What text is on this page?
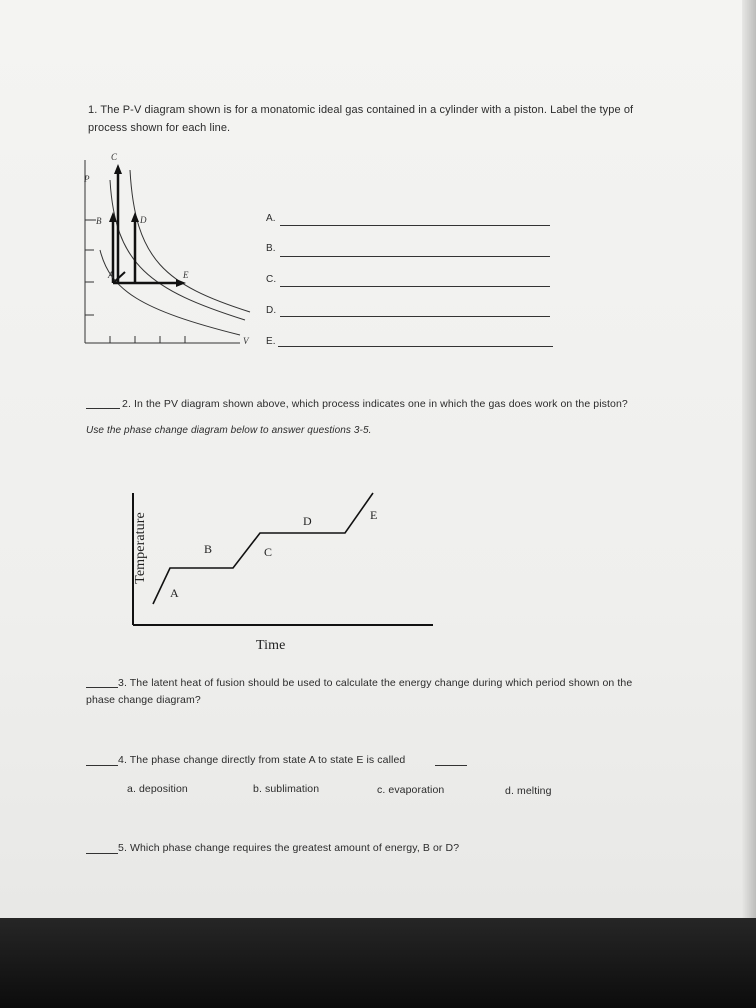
1. The P-V diagram shown is for a monatomic ideal gas contained in a cylinder with a piston. Label the type of
process shown for each line.
P
V
C
B	D
A	E
A.
B.
C.
D.
E.
2. In the PV diagram shown above, which process indicates one in which the gas does work on the piston?
Use the phase change diagram below to answer questions 3-5.
Temperature
Time
A
B	C
D	E
3. The latent heat of fusion should be used to calculate the energy change during which period shown on the
phase change diagram?
4. The phase change directly from state A to state E is called
a. deposition	b. sublimation	c. evaporation	d. melting
5. Which phase change requires the greatest amount of energy, B or D?
